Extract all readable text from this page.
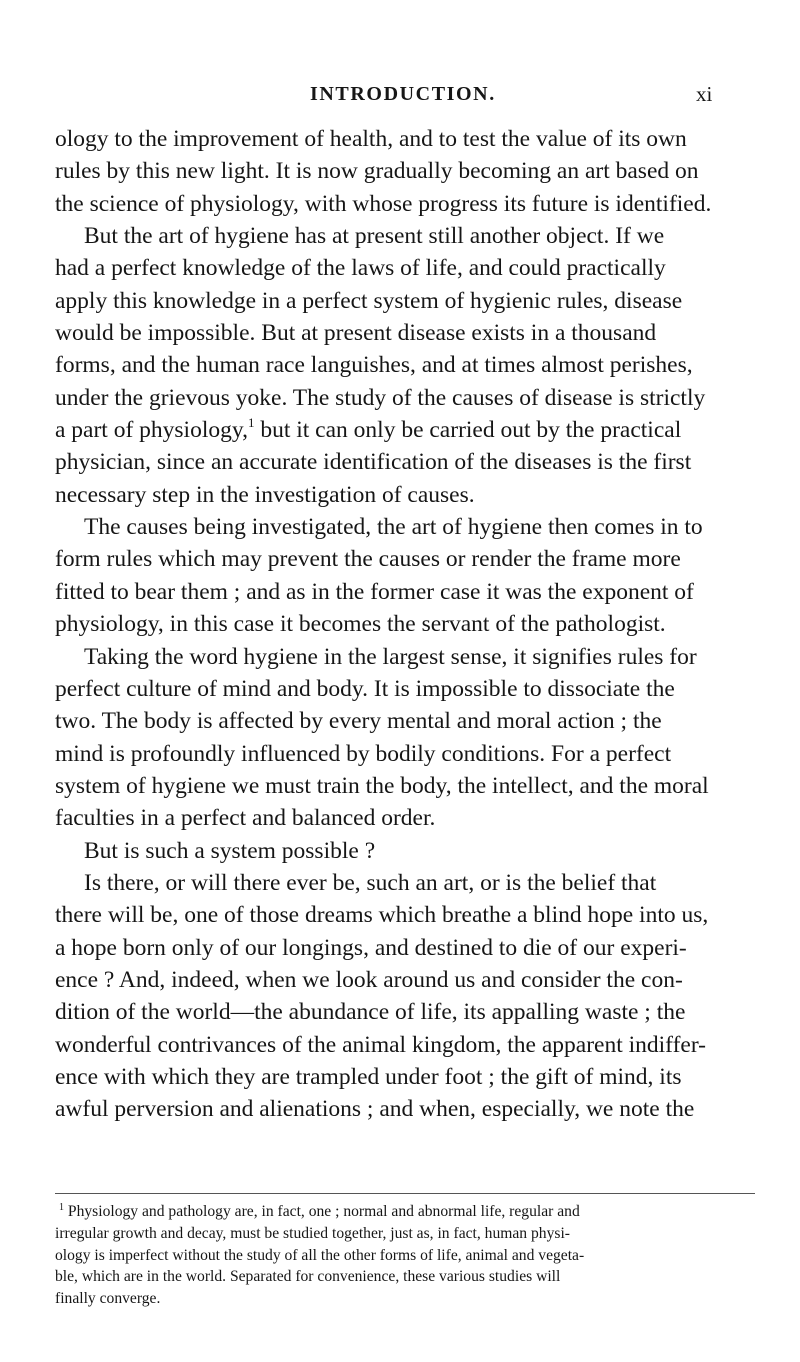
INTRODUCTION.	xi
ology to the improvement of health, and to test the value of its own
rules by this new light. It is now gradually becoming an art based on
the science of physiology, with whose progress its future is identified.
But the art of hygiene has at present still another object. If we
had a perfect knowledge of the laws of life, and could practically
apply this knowledge in a perfect system of hygienic rules, disease
would be impossible. But at present disease exists in a thousand
forms, and the human race languishes, and at times almost perishes,
under the grievous yoke. The study of the causes of disease is strictly
a part of physiology,$^1$ but it can only be carried out by the practical
physician, since an accurate identification of the diseases is the first
necessary step in the investigation of causes.
The causes being investigated, the art of hygiene then comes in to
form rules which may prevent the causes or render the frame more
fitted to bear them ; and as in the former case it was the exponent of
physiology, in this case it becomes the servant of the pathologist.
Taking the word hygiene in the largest sense, it signifies rules for
perfect culture of mind and body. It is impossible to dissociate the
two. The body is affected by every mental and moral action ; the
mind is profoundly influenced by bodily conditions. For a perfect
system of hygiene we must train the body, the intellect, and the moral
faculties in a perfect and balanced order.
But is such a system possible ?
Is there, or will there ever be, such an art, or is the belief that
there will be, one of those dreams which breathe a blind hope into us,
a hope born only of our longings, and destined to die of our experi-
ence ? And, indeed, when we look around us and consider the con-
dition of the world—the abundance of life, its appalling waste ; the
wonderful contrivances of the animal kingdom, the apparent indiffer-
ence with which they are trampled under foot ; the gift of mind, its
awful perversion and alienations ; and when, especially, we note the
$^1$ Physiology and pathology are, in fact, one ; normal and abnormal life, regular and
irregular growth and decay, must be studied together, just as, in fact, human physi-
ology is imperfect without the study of all the other forms of life, animal and vegeta-
ble, which are in the world. Separated for convenience, these various studies will
finally converge.
